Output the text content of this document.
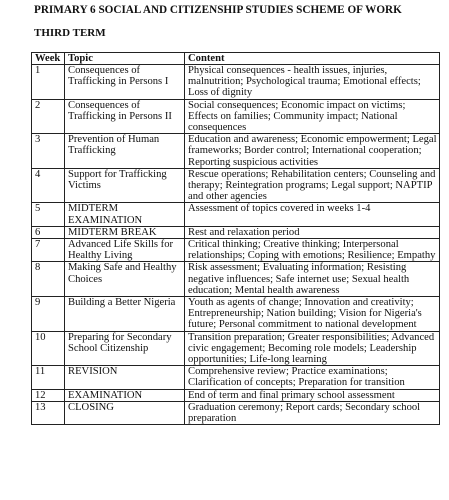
PRIMARY 6 SOCIAL AND CITIZENSHIP STUDIES SCHEME OF WORK
THIRD TERM
Week	Topic	Content
1	Consequences of Trafficking in Persons I	Physical consequences - health issues, injuries, malnutrition; Psychological trauma; Emotional effects; Loss of dignity
2	Consequences of Trafficking in Persons II	Social consequences; Economic impact on victims; Effects on families; Community impact; National consequences
3	Prevention of Human Trafficking	Education and awareness; Economic empowerment; Legal frameworks; Border control; International cooperation; Reporting suspicious activities
4	Support for Trafficking Victims	Rescue operations; Rehabilitation centers; Counseling and therapy; Reintegration programs; Legal support; NAPTIP and other agencies
5	MIDTERM EXAMINATION	Assessment of topics covered in weeks 1-4
6	MIDTERM BREAK	Rest and relaxation period
7	Advanced Life Skills for Healthy Living	Critical thinking; Creative thinking; Interpersonal relationships; Coping with emotions; Resilience; Empathy
8	Making Safe and Healthy Choices	Risk assessment; Evaluating information; Resisting negative influences; Safe internet use; Sexual health education; Mental health awareness
9	Building a Better Nigeria	Youth as agents of change; Innovation and creativity; Entrepreneurship; Nation building; Vision for Nigeria's future; Personal commitment to national development
10	Preparing for Secondary School Citizenship	Transition preparation; Greater responsibilities; Advanced civic engagement; Becoming role models; Leadership opportunities; Life-long learning
11	REVISION	Comprehensive review; Practice examinations; Clarification of concepts; Preparation for transition
12	EXAMINATION	End of term and final primary school assessment
13	CLOSING	Graduation ceremony; Report cards; Secondary school preparation
